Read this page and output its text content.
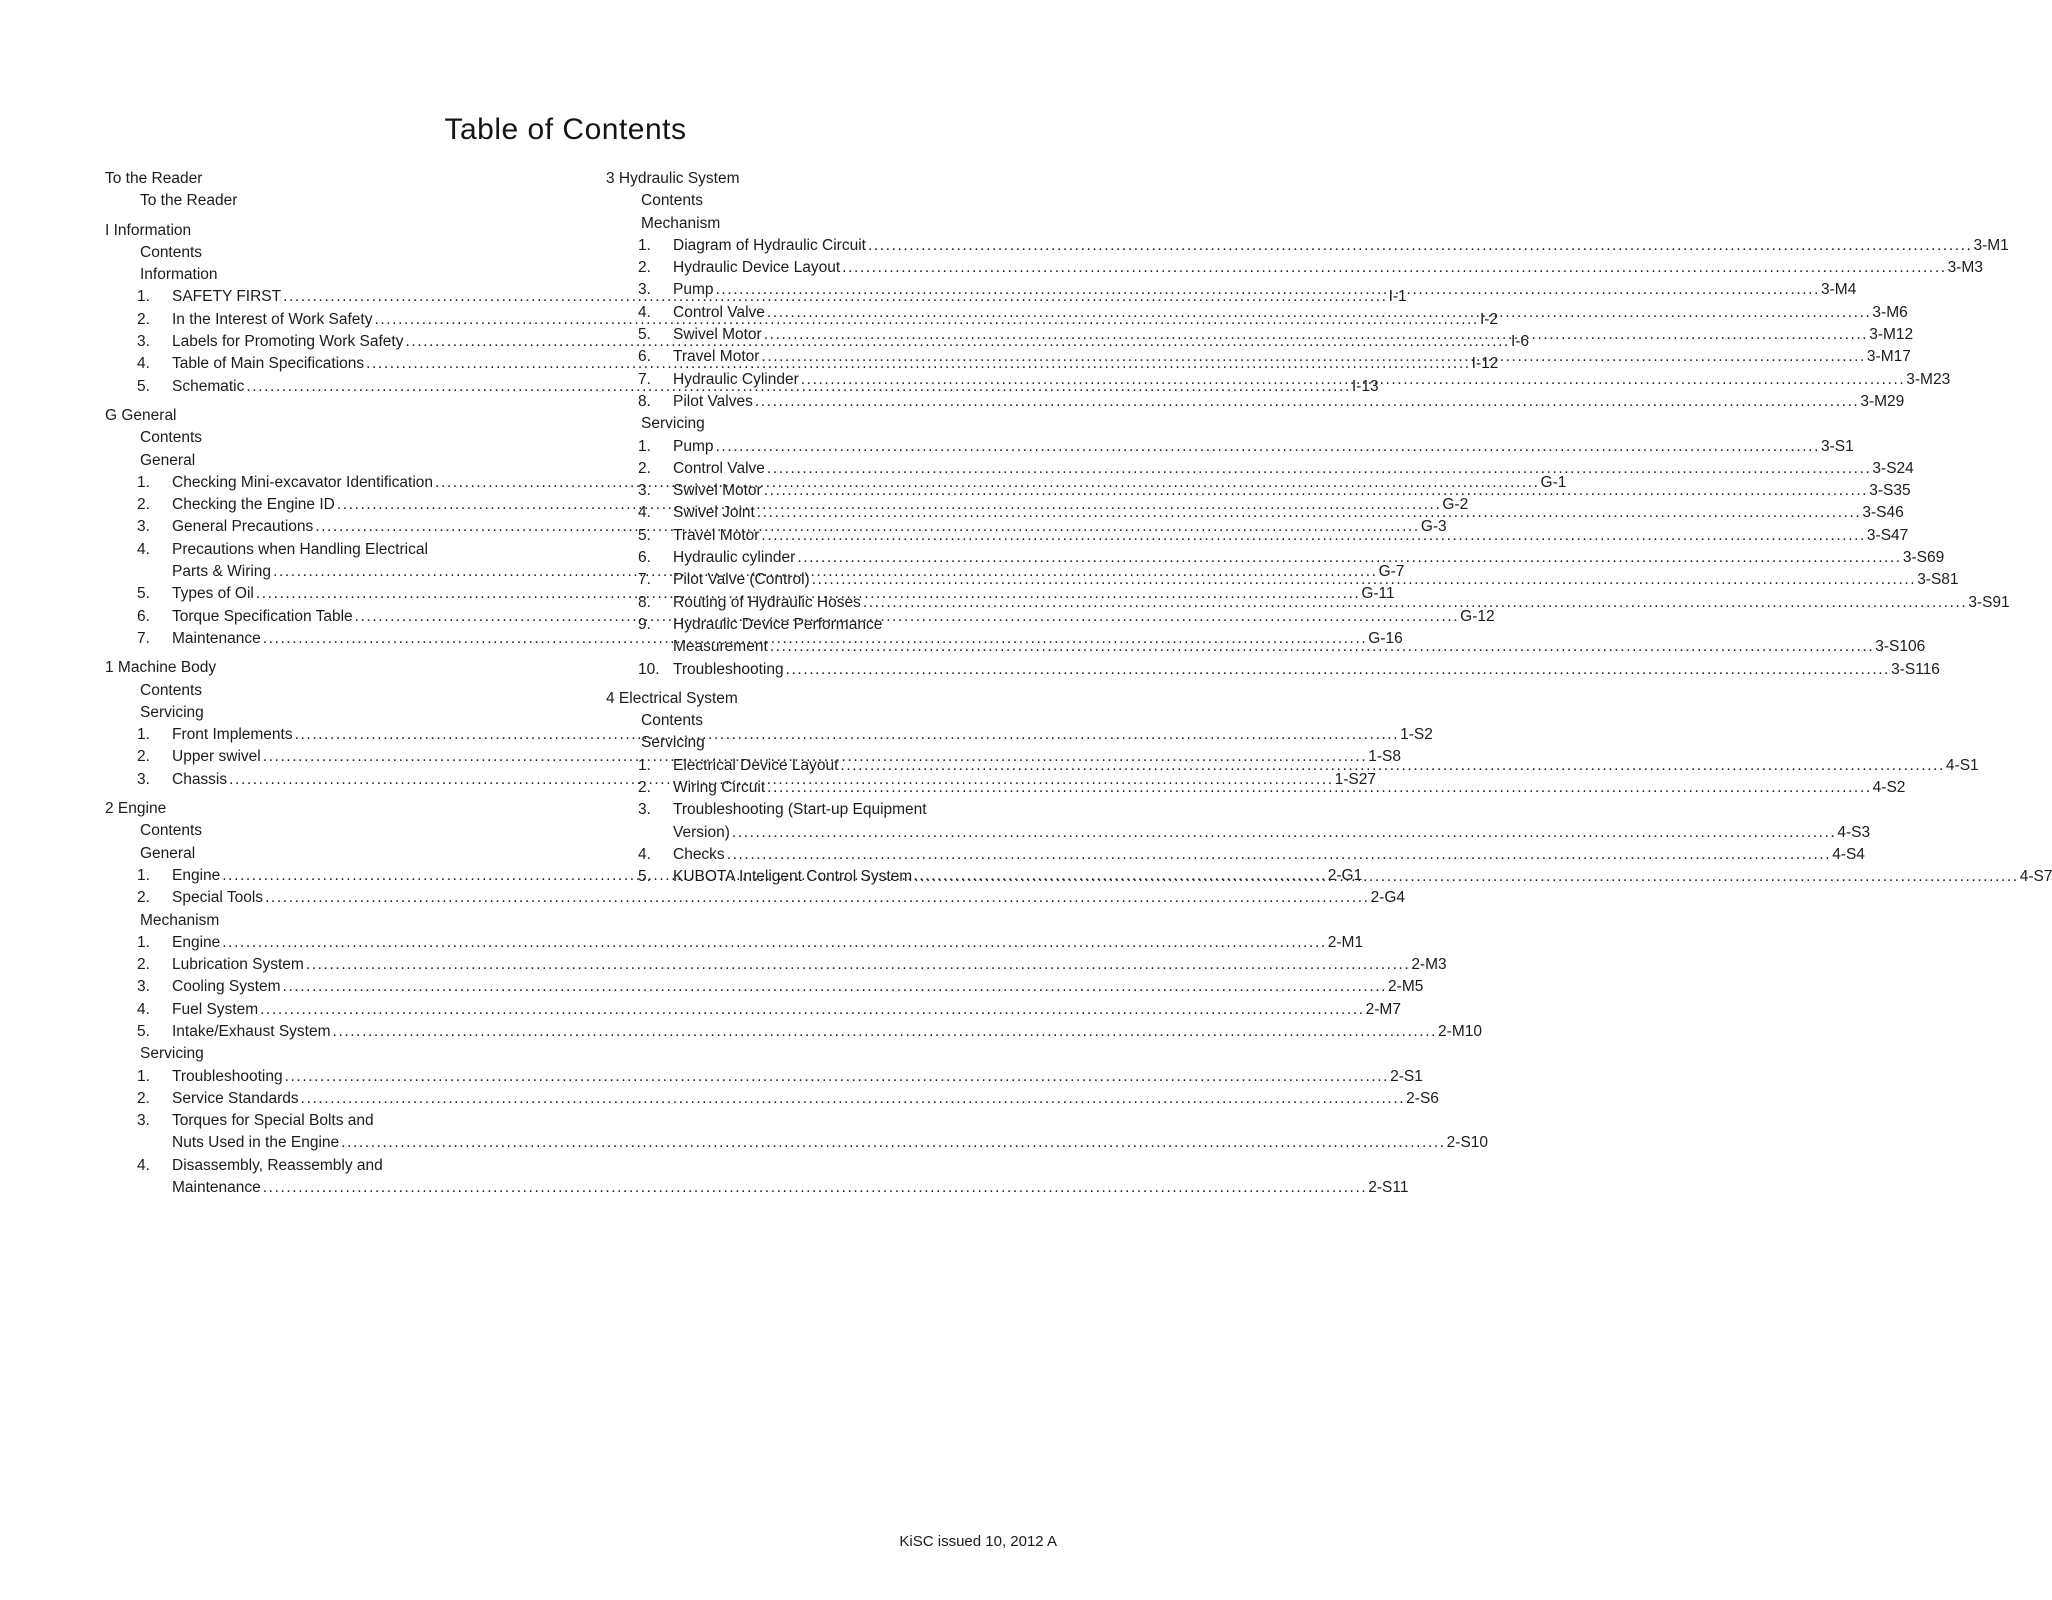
Table of Contents
To the Reader
To the Reader
I Information
Contents
Information
1.	SAFETY FIRST .....	I-1
2.	In the Interest of Work Safety .....	I-2
3.	Labels for Promoting Work Safety .....	I-6
4.	Table of Main Specifications .....	I-12
5.	Schematic .....	I-13
G General
Contents
General
1.	Checking Mini-excavator Identification .....	G-1
2.	Checking the Engine ID .....	G-2
3.	General Precautions .....	G-3
4.	Precautions when Handling Electrical
Parts & Wiring .....	G-7
5.	Types of Oil .....	G-11
6.	Torque Specification Table .....	G-12
7.	Maintenance .....	G-16
1 Machine Body
Contents
Servicing
1.	Front Implements .....	1-S2
2.	Upper swivel .....	1-S8
3.	Chassis .....	1-S27
2 Engine
Contents
General
1.	Engine .....	2-G1
2.	Special Tools .....	2-G4
Mechanism
1.	Engine .....	2-M1
2.	Lubrication System .....	2-M3
3.	Cooling System .....	2-M5
4.	Fuel System .....	2-M7
5.	Intake/Exhaust System .....	2-M10
Servicing
1.	Troubleshooting .....	2-S1
2.	Service Standards .....	2-S6
3.	Torques for Special Bolts and
Nuts Used in the Engine .....	2-S10
4.	Disassembly, Reassembly and
Maintenance .....	2-S11
3 Hydraulic System
Contents
Mechanism
1.	Diagram of Hydraulic Circuit .....	3-M1
2.	Hydraulic Device Layout .....	3-M3
3.	Pump .....	3-M4
4.	Control Valve .....	3-M6
5.	Swivel Motor .....	3-M12
6.	Travel Motor .....	3-M17
7.	Hydraulic Cylinder .....	3-M23
8.	Pilot Valves .....	3-M29
Servicing
1.	Pump .....	3-S1
2.	Control Valve .....	3-S24
3.	Swivel Motor .....	3-S35
4.	Swivel Joint .....	3-S46
5.	Travel Motor .....	3-S47
6.	Hydraulic cylinder .....	3-S69
7.	Pilot Valve (Control) .....	3-S81
8.	Routing of Hydraulic Hoses .....	3-S91
9.	Hydraulic Device Performance
Measurement .....	3-S106
10. Troubleshooting .....	3-S116
4 Electrical System
Contents
Servicing
1.	Electrical Device Layout .....	4-S1
2.	Wiring Circuit .....	4-S2
3.	Troubleshooting (Start-up Equipment
Version) .....	4-S3
4.	Checks .....	4-S4
5.	KUBOTA Inteligent Control System .....	4-S7
KiSC issued 10, 2012 A
